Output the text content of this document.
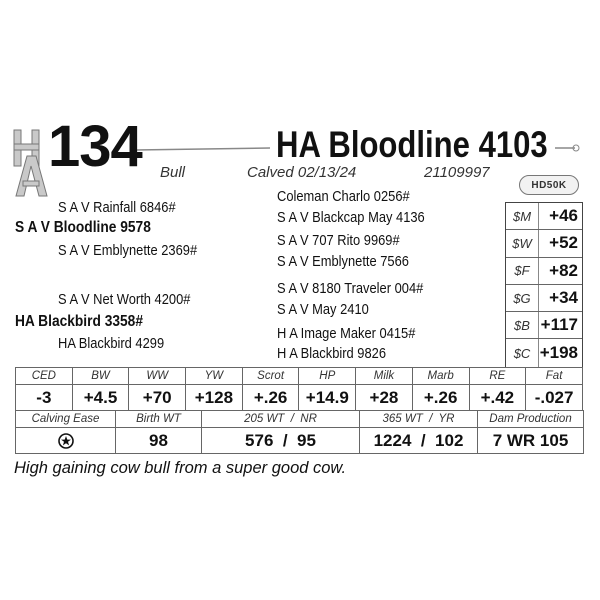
134	HA Bloodline 4103
Bull	Calved 02/13/24	21109997
HD50K
S A V Rainfall 6846#
S A V Bloodline 9578
S A V Emblynette 2369#
S A V Net Worth 4200#
HA Blackbird 3358#
HA Blackbird 4299
Coleman Charlo 0256#
S A V Blackcap May 4136
S A V 707 Rito 9969#
S A V Emblynette 7566
S A V 8180 Traveler 004#
S A V May 2410
H A Image Maker 0415#
H A Blackbird 9826
$M	+46
$W	+52
$F	+82
$G	+34
$B +117
$C +198
CED	BW	WW	YW	Scrot	HP	Milk	Marb	RE	Fat
-3	+4.5	+70	+128	+.26	+14.9	+28	+.26	+.42	-.027
Calving Ease	Birth WT	205 WT  /  NR	365 WT  /  YR	Dam Production
	98	576  /  95	1224  /  102	7 WR 105
High gaining cow bull from a super good cow.
